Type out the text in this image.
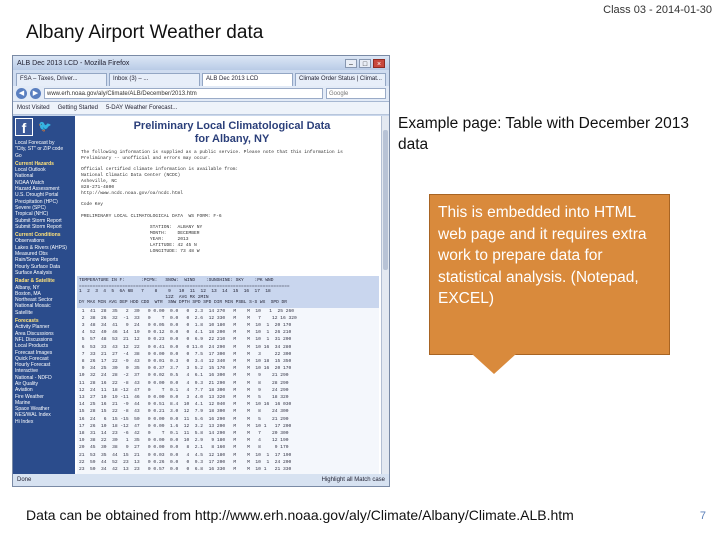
Class 03 - 2014-01-30
Albany Airport Weather data
ALB Dec 2013 LCD - Mozilla Firefox	–	□	×
FSA – Taxes, Driver...	Inbox (3) – ...	ALB Dec 2013 LCD	Climate Order Status | Climat...
◀	▶	www.erh.noaa.gov/aly/Climate/ALB/December/2013.htm	Google
Most Visited Getting Started 5-DAY Weather Forecast...
f	🐦
Local Forecast by
"City, ST" or ZIP code
Go
Current Hazards
Local Outlook
National
NOAA Watch
Hazard Assessment
U.S. Drought Portal
Precipitation (HPC)
Severe (SPC)
Tropical (NHC)
Submit Storm Report
Submit Storm Report
Current Conditions
Observations
Lakes & Rivers (AHPS)
Measured Obs
Rain/Snow Reports
Hourly Surface Data
Surface Analysis
Radar & Satellite
Albany, NY
Boston, MA
Northeast Sector
National Mosaic
Satellite
Forecasts
Activity Planner
Area Discussions
NFL Discussions
Local Products
Forecast Images
Quick Forecast
Hourly Forecast
Interactive
National - NDFD
Air Quality
Aviation
Fire Weather
Marine
Space Weather
NES/WAL Index
Hi Index
Preliminary Local Climatological Data
for Albany, NY
The following information is supplied as a public service. Please note that this information is
Preliminary -- unofficial and errors may occur.

Official certified climate information is available from:
National Climatic Data Center (NCDC)
Asheville, NC
828-271-4800
http://www.ncdc.noaa.gov/oa/ncdc.html

Code Key

PRELIMINARY LOCAL CLIMATOLOGICAL DATA  WS FORM: F-6

STATION:  ALBANY NY
MONTH:    DECEMBER
YEAR:     2013
LATITUDE: 42 45 N
LONGITUDE: 73 48 W
TEMPERATURE IN F:      :PCPN:   SNOW:  WIND    :SUNSHINE: SKY    :PK WND
==============================================================================
1  2  3  4  5  6A 6B   7    8    9   10  11  12  13  14  15  16  17  18
12Z  AVG MX 2MIN
DY MAX MIN AVG DEP HDD CDD  WTR  SNW DPTH SPD SPD DIR MIN PSBL S-S WX  SPD DR
1  41  28  35   2  30   0 0.00  0.0   0  2.3  14 270   M    M  10   1  25 260
2  38  26  32  -1  33   0    T  0.0   0  2.6  12 330   M    M   7    12 16 320
3  48  34  41   9  24   0 0.05  0.0   0  1.8  10 180   M    M  10  1  20 170
4  52  40  46  14  19   0 0.12  0.0   0  4.1  18 200   M    M  10  1  26 210
5  57  48  53  21  12   0 0.23  0.0   0  6.9  22 210   M    M  10  1  31 200
6  53  33  43  12  22   0 0.41  0.0   0 11.0  24 290   M    M  10 16  34 280
7  33  21  27  -4  38   0 0.00  0.0   0  7.5  17 300   M    M   3     22 300
8  26  17  22  -9  43   0 0.01  0.3   0  3.4  12 340   M    M  10 18  15 350
9  34  25  30   0  35   0 0.37  3.7   3  5.2  15 170   M    M  10 16  20 170
10  32  24  28  -2  37   0 0.02  0.5   4  6.1  16 300   M    M   9    21 290
11  28  16  22  -8  43   0 0.00  0.0   4  9.3  21 290   M    M   8    28 290
12  24  11  18 -12  47   0    T  0.1   4  7.7  18 300   M    M   9    24 290
13  27  10  19 -11  46   0 0.00  0.0   3  4.0  13 320   M    M   5    18 320
14  25  16  21  -9  44   0 0.51  8.4  10  4.1  12 040   M    M  10 16  16 030
15  28  15  22  -8  43   0 0.21  3.0  12  7.9  18 300   M    M   8    24 300
16  24   6  15 -15  50   0 0.00  0.0  11  5.6  16 290   M    M   5    21 290
17  26  10  18 -12  47   0 0.09  1.6  12  3.2  13 200   M    M  10 1   17 200
18  31  14  23  -6  42   0    T  0.1  11  5.8  14 290   M    M   7    20 300
19  38  22  30   1  35   0 0.00  0.0  10  2.9   9 180   M    M   4    12 190
20  45  30  38   9  27   0 0.00  0.0   8  2.1   8 160   M    M   8     9 170
21  53  35  44  15  21   0 0.03  0.0   4  4.5  12 180   M    M  10  1  17 190
22  59  44  52  23  13   0 0.26  0.0   0  9.3  17 200   M    M  10  1  24 200
23  50  34  42  13  23   0 0.57  0.0   0  6.8  16 330   M    M  10 1   21 330
Done	Highlight all Match case
Example page: Table with December 2013 data
This is embedded into HTML web page and it requires extra work to prepare data for statistical analysis. (Notepad, EXCEL)
Data can be obtained from http://www.erh.noaa.gov/aly/Climate/Albany/Climate.ALB.htm	7
